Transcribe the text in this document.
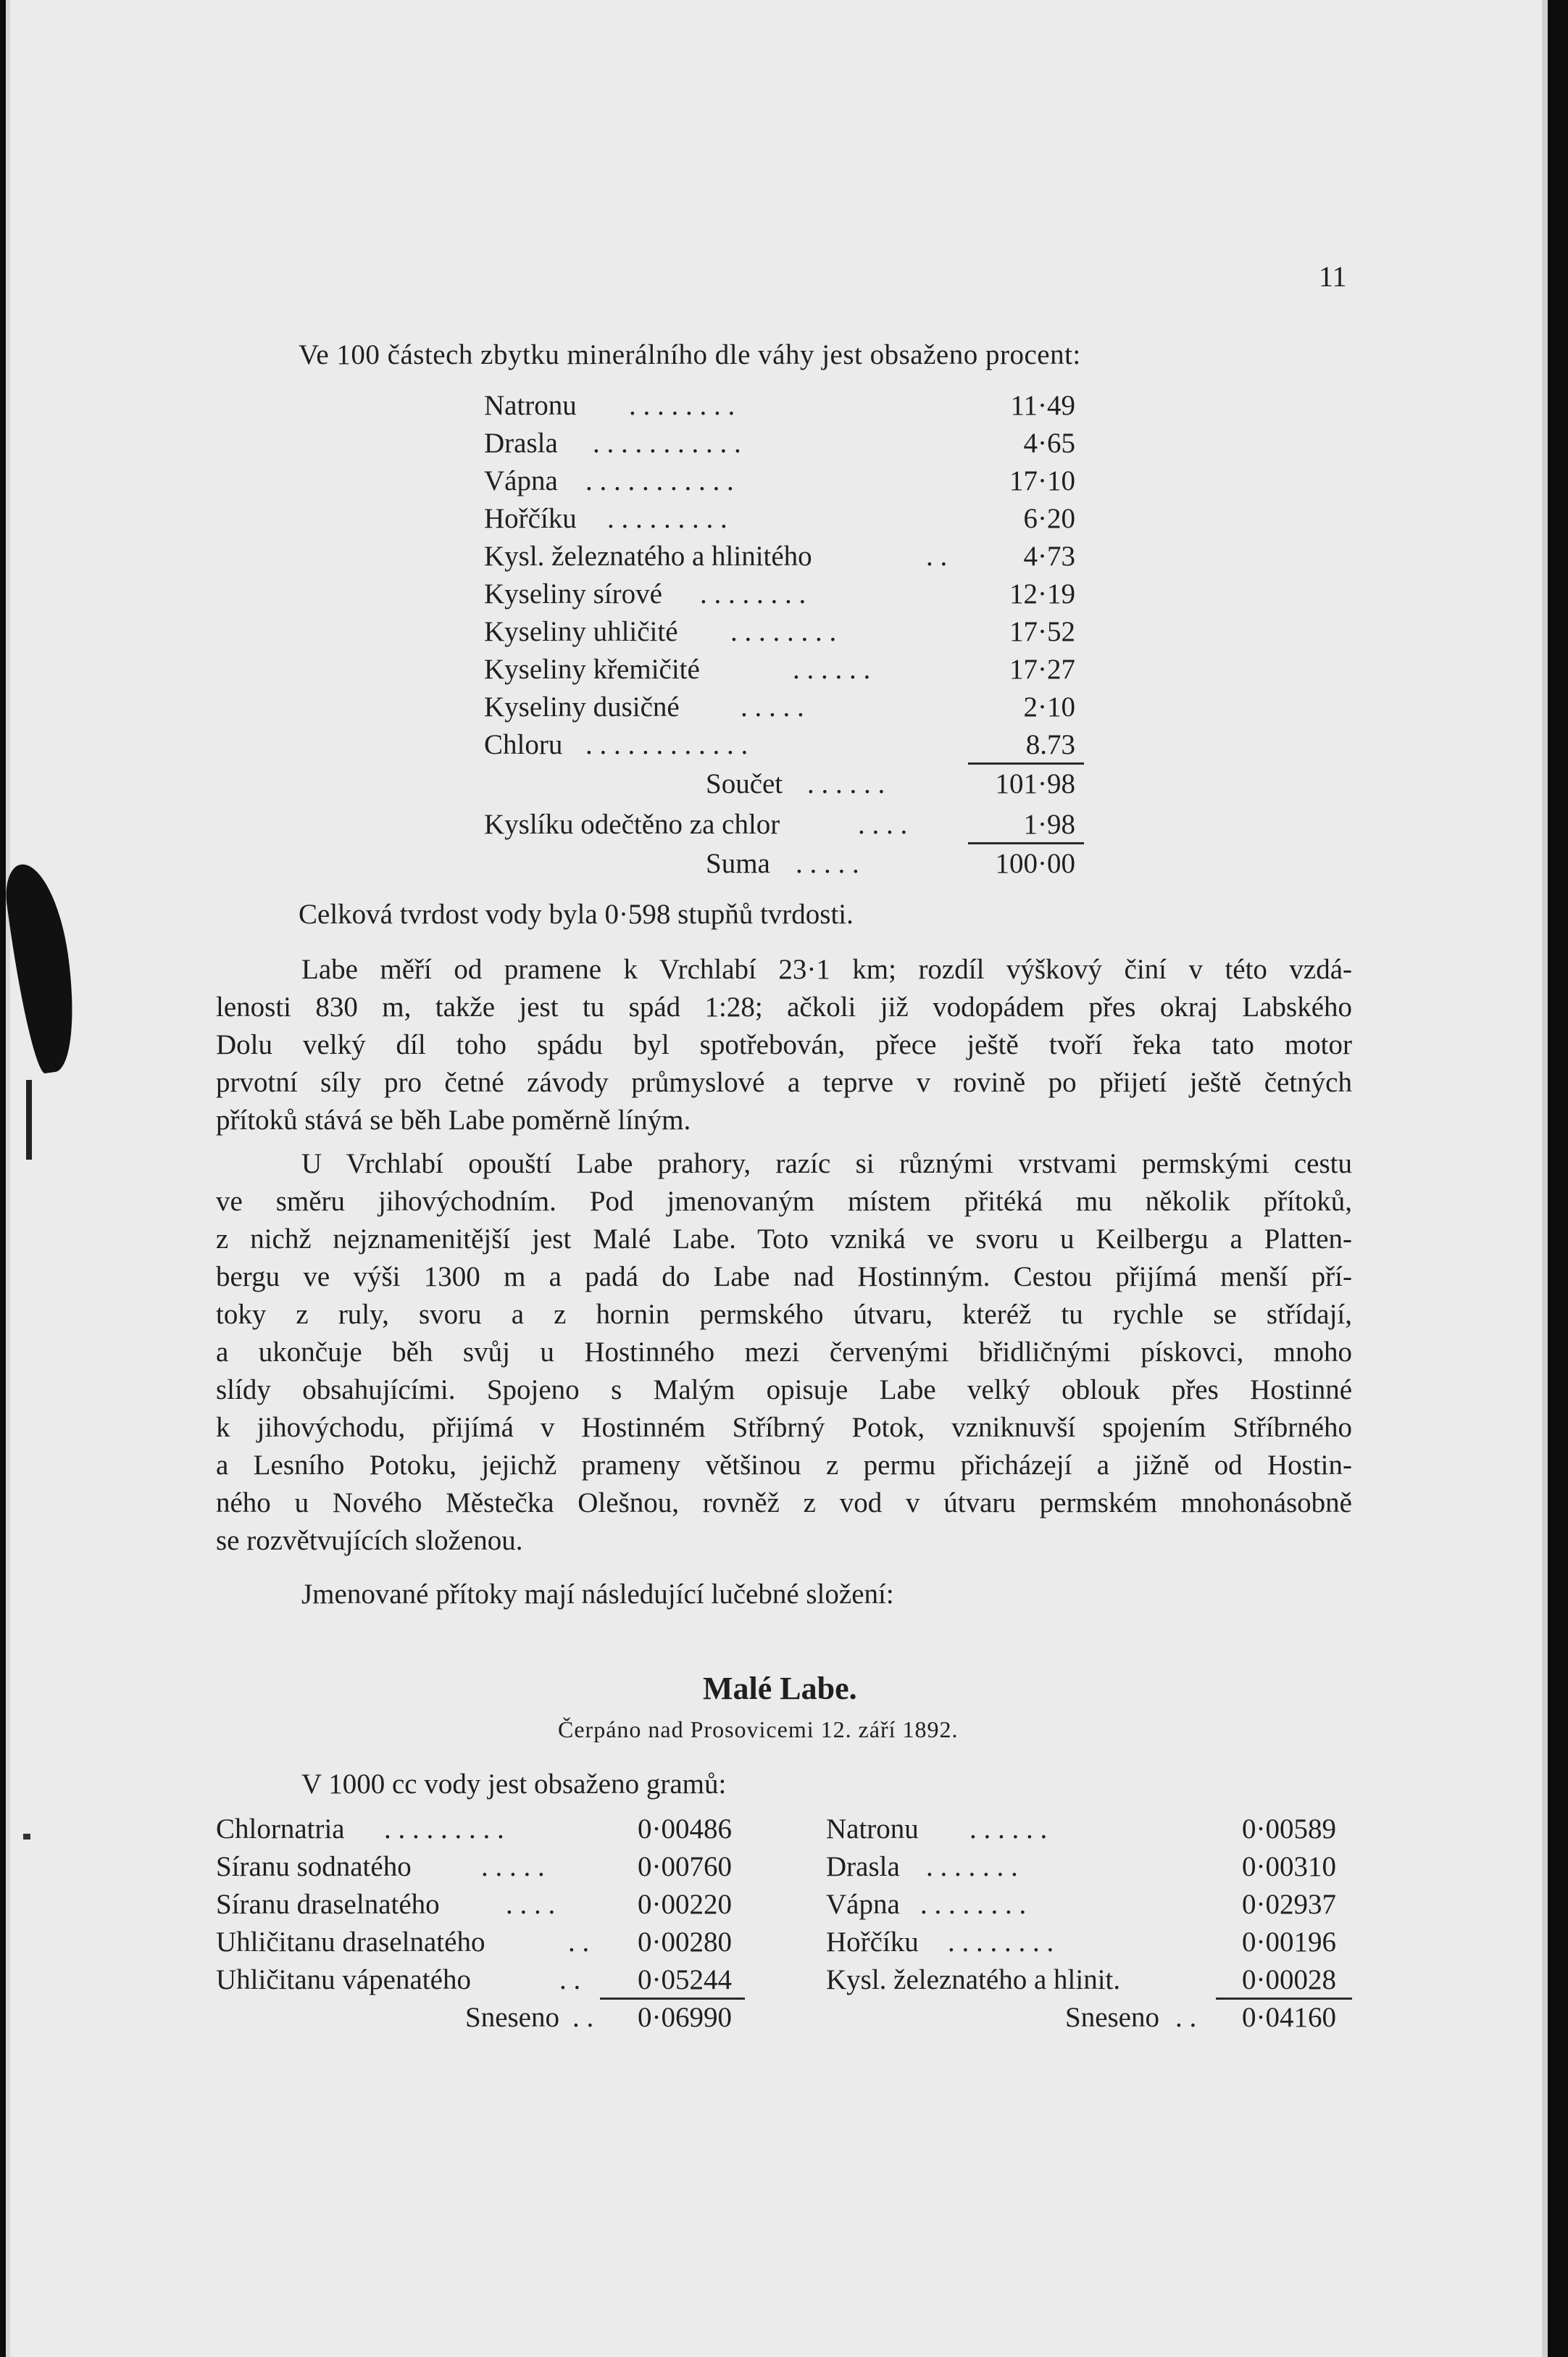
11
Ve 100 částech zbytku minerálního dle váhy jest obsaženo procent:
Natronu . . . . . . . .	11·49
Drasla . . . . . . . . . . .	4·65
Vápna . . . . . . . . . . .	17·10
Hořčíku . . . . . . . . .	6·20
Kysl. železnatého a hlinitého	. .	4·73
Kyseliny sírové . . . . . . . .	12·19
Kyseliny uhličité . . . . . . . .	17·52
Kyseliny křemičité	. . . . . .	17·27
Kyseliny dusičné . . . . .	2·10
Chloru . . . . . . . . . . . .	8.73
Součet . . . . . .	101·98
Kyslíku odečtěno za chlor	. . . .	1·98
Suma . . . . .	100·00
Celková tvrdost vody byla 0·598 stupňů tvrdosti.
Labe měří od pramene k Vrchlabí 23·1 km; rozdíl výškový činí v této vzdá-
lenosti 830 m, takže jest tu spád 1:28; ačkoli již vodopádem přes okraj Labského
Dolu velký díl toho spádu byl spotřebován, přece ještě tvoří řeka tato motor
prvotní síly pro četné závody průmyslové a teprve v rovině po přijetí ještě četných
přítoků stává se běh Labe poměrně líným.
U Vrchlabí opouští Labe prahory, razíc si různými vrstvami permskými cestu
ve směru jihovýchodním. Pod jmenovaným místem přitéká mu několik přítoků,
z nichž nejznamenitější jest Malé Labe. Toto vzniká ve svoru u Keilbergu a Platten-
bergu ve výši 1300 m a padá do Labe nad Hostinným. Cestou přijímá menší pří-
toky z ruly, svoru a z hornin permského útvaru, kteréž tu rychle se střídají,
a ukončuje běh svůj u Hostinného mezi červenými břidličnými pískovci, mnoho
slídy obsahujícími. Spojeno s Malým opisuje Labe velký oblouk přes Hostinné
k jihovýchodu, přijímá v Hostinném Stříbrný Potok, vzniknuvší spojením Stříbrného
a Lesního Potoku, jejichž prameny většinou z permu přicházejí a jižně od Hostin-
ného u Nového Městečka Olešnou, rovněž z vod v útvaru permském mnohonásobně
se rozvětvujících složenou.
Jmenované přítoky mají následující lučebné složení:
Malé Labe.
Čerpáno nad Prosovicemi 12. září 1892.
V 1000 cc vody jest obsaženo gramů:
Chlornatria . . . . . . . . .	0·00486
Síranu sodnatého . . . . .	0·00760
Síranu draselnatého . . . .	0·00220
Uhličitanu draselnatého	. . 0·00280
Uhličitanu vápenatého	. . 0·05244
Sneseno . . 0·06990
Natronu . . . . . .	0·00589
Drasla . . . . . . .	0·00310
Vápna . . . . . . . .	0·02937
Hořčíku . . . . . . . .	0·00196
Kysl. železnatého a hlinit.	0·00028
Sneseno . . 0·04160
